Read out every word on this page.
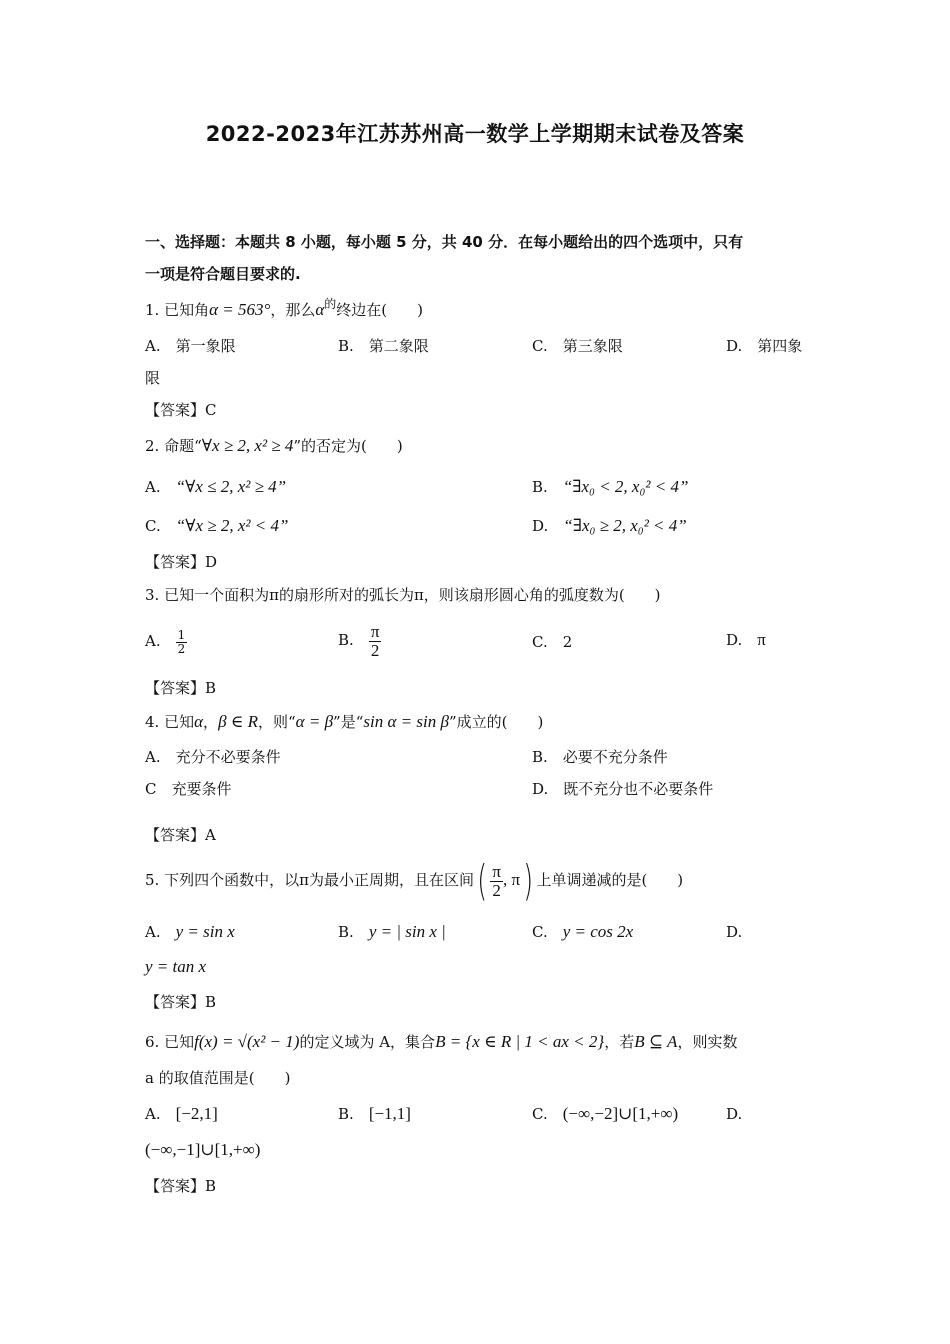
2022-2023年江苏苏州高一数学上学期期末试卷及答案
一、选择题：本题共 8 小题，每小题 5 分，共 40 分．在每小题给出的四个选项中，只有
一项是符合题目要求的.
1. 已知角α = 563°，那么$\alpha^的$终边在(　　)
A.　第一象限	B.　第二象限	C.　第三象限	D.　第四象
限
【答案】C
2. 命题“∀x ≥ 2, x² ≥ 4”的否定为(　　)
A.　 “∀x ≤ 2, x² ≥ 4”	B.　 “∃x₀ < 2, x₀² < 4”
C.　 “∀x ≥ 2, x² < 4”	D.　 “∃x₀ ≥ 2, x₀² < 4”
【答案】D
3. 已知一个面积为π的扇形所对的弧长为π，则该扇形圆心角的弧度数为(　　)
A.　 $\frac{1}{2}$	B.　 $\frac{\pi}{2}$	C.　2	D.　 π
【答案】B
4. 已知α，β ∈ R，则“α = β”是“sin α = sin β”成立的(　　)
A.　充分不必要条件	B.　必要不充分条件
C　充要条件	D.　既不充分也不必要条件
【答案】A
5. 下列四个函数中，以π为最小正周期，且在区间( $\frac{\pi}{2}$ , π) 上单调递减的是(　　)
A.　 y = sin x	B.　 y = | sin x |	C.　 y = cos 2x	D.
y = tan x
【答案】B
6. 已知f(x) = √(x² − 1)的定义域为 A，集合B = {x ∈ R | 1 < ax < 2}，若B ⊆ A，则实数
a 的取值范围是(　　)
A.　 [−2,1]	B.　 [−1,1]	C.　 (−∞,−2]∪[1,+∞)	D.
(−∞,−1]∪[1,+∞)
【答案】B
